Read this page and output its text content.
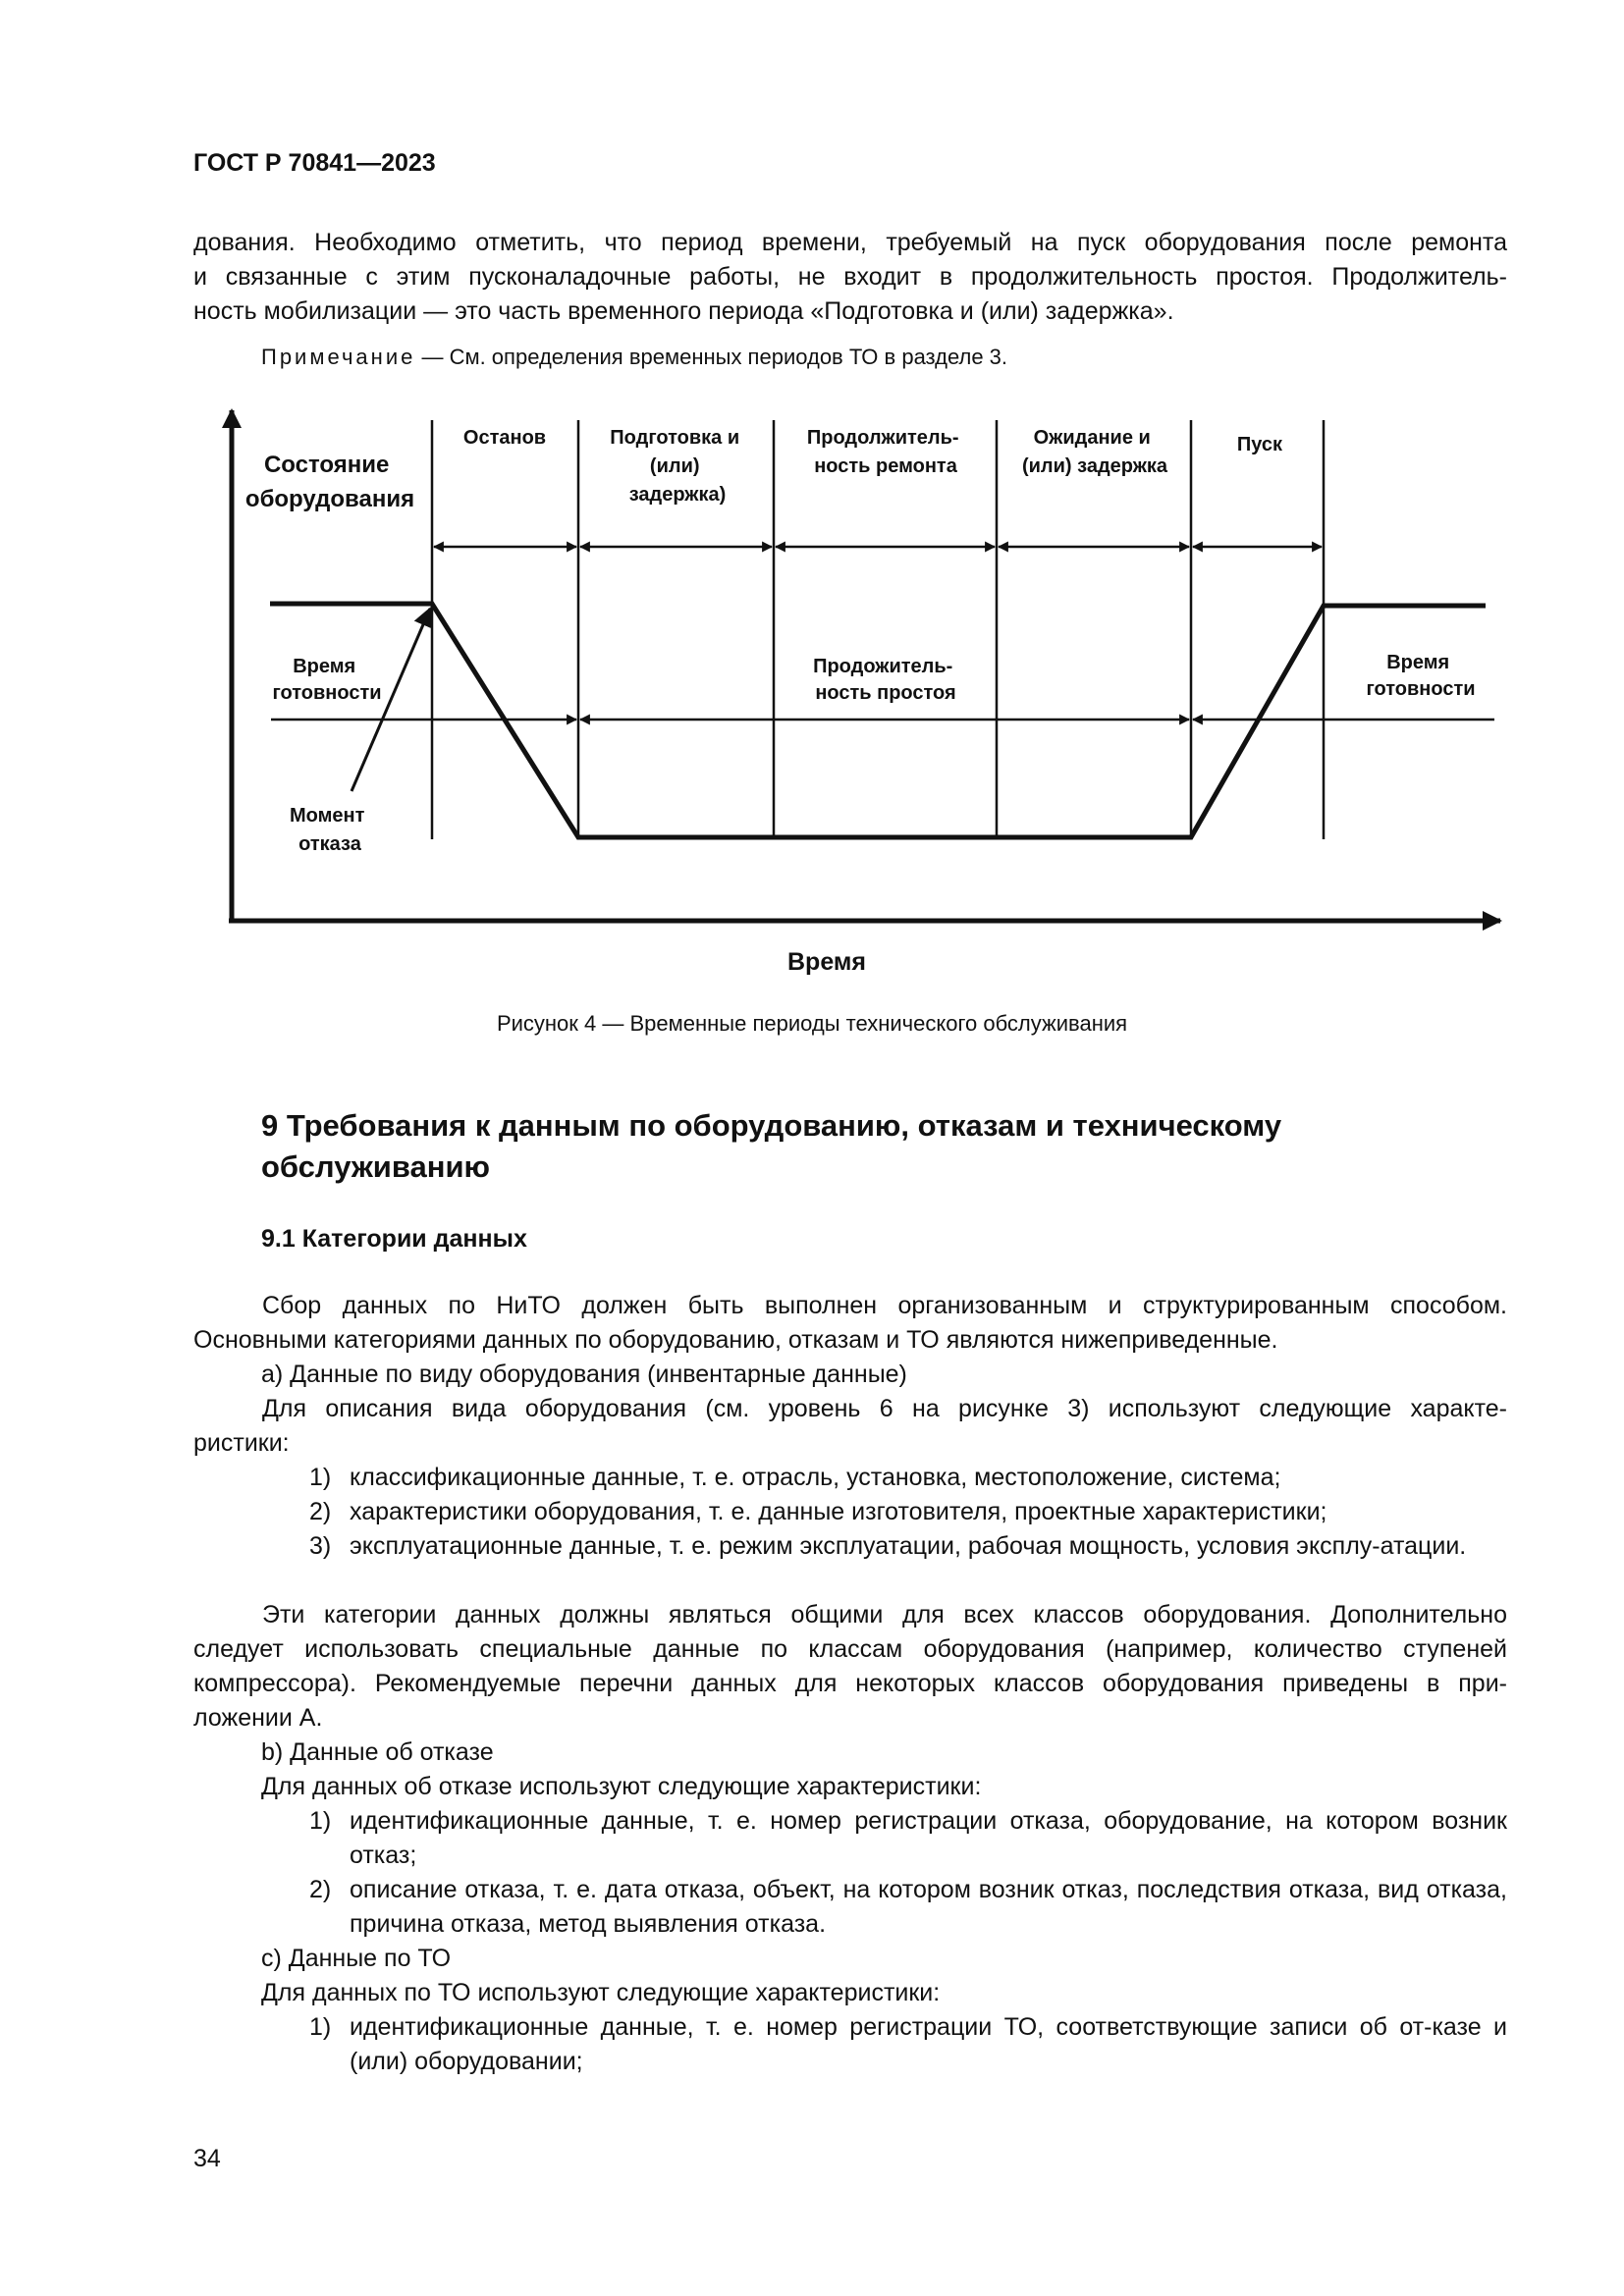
ГОСТ Р 70841—2023
дования. Необходимо отметить, что период времени, требуемый на пуск оборудования после ремонта
и связанные с этим пусконаладочные работы, не входит в продолжительность простоя. Продолжитель-
ность мобилизации — это часть временного периода «Подготовка и (или) задержка».
Примечание — См. определения временных периодов ТО в разделе 3.
Состояние оборудования
Останов	Подготовка и (или) задержка)
Продолжитель- ность ремонта
Ожидание и (или) задержка
Пуск
Время готовности
Продожитель- ность простоя
Время готовности
Момент отказа
Время
Рисунок 4 — Временные периоды технического обслуживания
9 Требования к данным по оборудованию, отказам и техническому
обслуживанию
9.1 Категории данных
Сбор данных по НиТО должен быть выполнен организованным и структурированным способом.
Основными категориями данных по оборудованию, отказам и ТО являются нижеприведенные.
a) Данные по виду оборудования (инвентарные данные)
Для описания вида оборудования (см. уровень 6 на рисунке 3) используют следующие характе-
ристики:
1) классификационные данные, т. е. отрасль, установка, местоположение, система;
2) характеристики оборудования, т. е. данные изготовителя, проектные характеристики;
3) эксплуатационные данные, т. е. режим эксплуатации, рабочая мощность, условия эксплу-атации.
Эти категории данных должны являться общими для всех классов оборудования. Дополнительно
следует использовать специальные данные по классам оборудования (например, количество ступеней
компрессора). Рекомендуемые перечни данных для некоторых классов оборудования приведены в при-
ложении А.
b) Данные об отказе
Для данных об отказе используют следующие характеристики:
1) идентификационные данные, т. е. номер регистрации отказа, оборудование, на котором возник отказ;
2) описание отказа, т. е. дата отказа, объект, на котором возник отказ, последствия отказа, вид отказа, причина отказа, метод выявления отказа.
c) Данные по ТО
Для данных по ТО используют следующие характеристики:
1) идентификационные данные, т. е. номер регистрации ТО, соответствующие записи об от-казе и (или) оборудовании;
34
